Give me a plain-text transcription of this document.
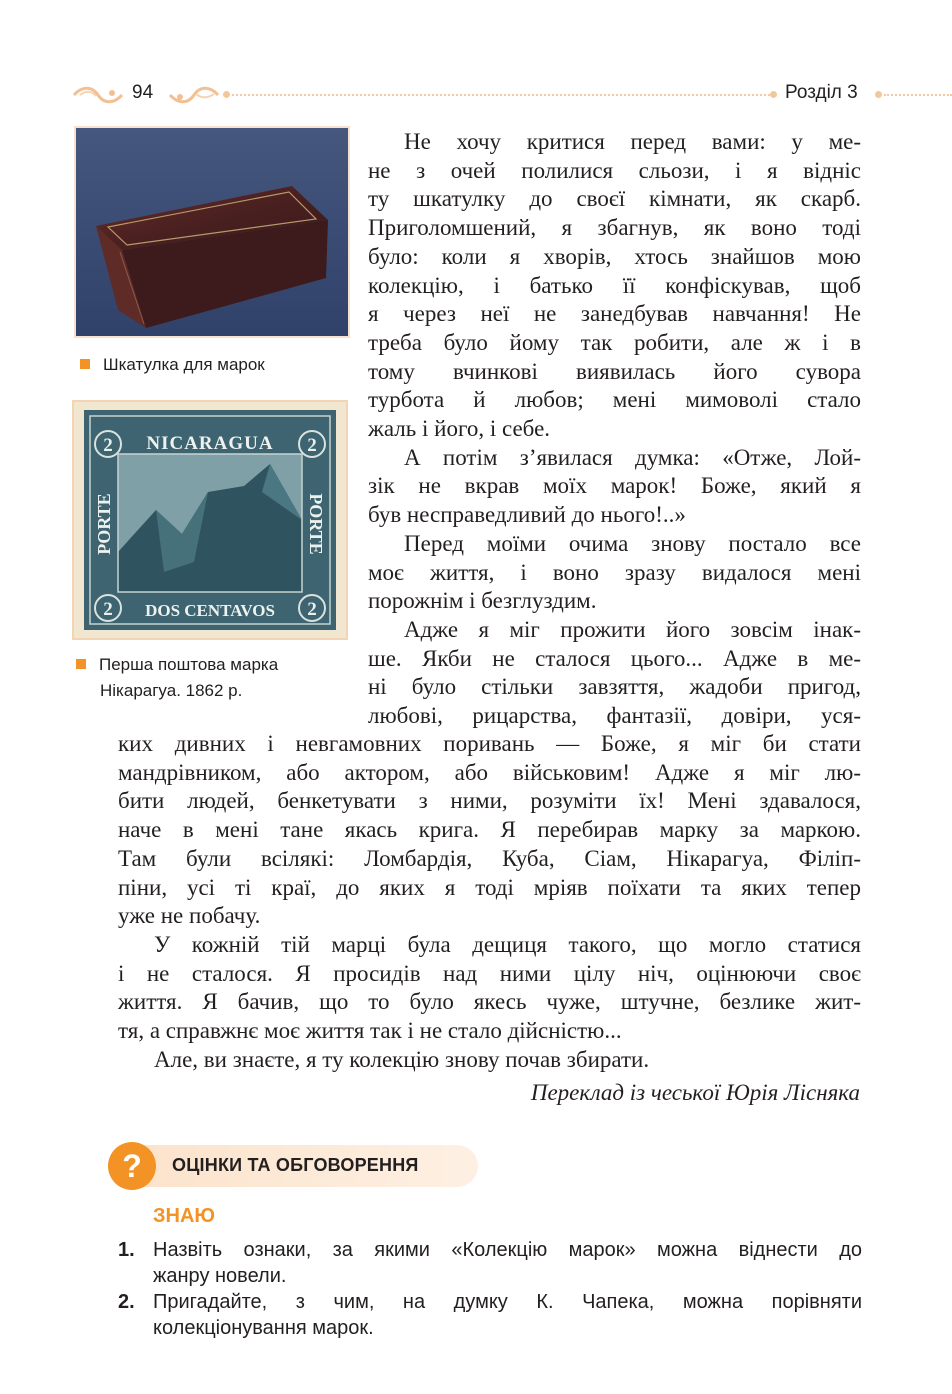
94	Розділ 3
Шкатулка для марок
2	2
2	2
NICARAGUA
DOS CENTAVOS
PORTE	PORTE
Перша поштова марка
Нікарагуа. 1862 р.
Не хочу критися перед вами: у ме-
не з очей полилися сльози, і я відніс
ту шкатулку до своєї кімнати, як скарб.
Приголомшений, я збагнув, як воно тоді
було: коли я хворів, хтось знайшов мою
колекцію, і батько її конфіскував, щоб
я через неї не занедбував навчання! Не
треба було йому так робити, але ж і в
тому вчинкові виявилась його сувора
турбота й любов; мені мимоволі стало
жаль і його, і себе.
А потім з’явилася думка: «Отже, Лой-
зік не вкрав моїх марок! Боже, який я
був несправедливий до нього!..»
Перед моїми очима знову постало все
моє життя, і воно зразу видалося мені
порожнім і безглуздим.
Адже я міг прожити його зовсім інак-
ше. Якби не сталося цього... Адже в ме-
ні було стільки завзяття, жадоби пригод,
любові, рицарства, фантазії, довіри, уся-
ких дивних і невгамовних поривань — Боже, я міг би стати
мандрівником, або актором, або військовим! Адже я міг лю-
бити людей, бенкетувати з ними, розуміти їх! Мені здавалося,
наче в мені тане якась крига. Я перебирав марку за маркою.
Там були всілякі: Ломбардія, Куба, Сіам, Нікарагуа, Філіп-
піни, усі ті краї, до яких я тоді мріяв поїхати та яких тепер
уже не побачу.
У кожній тій марці була дещиця такого, що могло статися
і не сталося. Я просидів над ними цілу ніч, оцінюючи своє
життя. Я бачив, що то було якесь чуже, штучне, безлике жит-
тя, а справжнє моє життя так і не стало дійсністю...
Але, ви знаєте, я ту колекцію знову почав збирати.
Переклад із чеської Юрія Лісняка
?	ОЦІНКИ ТА ОБГОВОРЕННЯ
ЗНАЮ
1. Назвіть ознаки, за якими «Колекцію марок» можна віднести до
жанру новели.
2. Пригадайте, з чим, на думку К. Чапека, можна порівняти
колекціонування марок.
